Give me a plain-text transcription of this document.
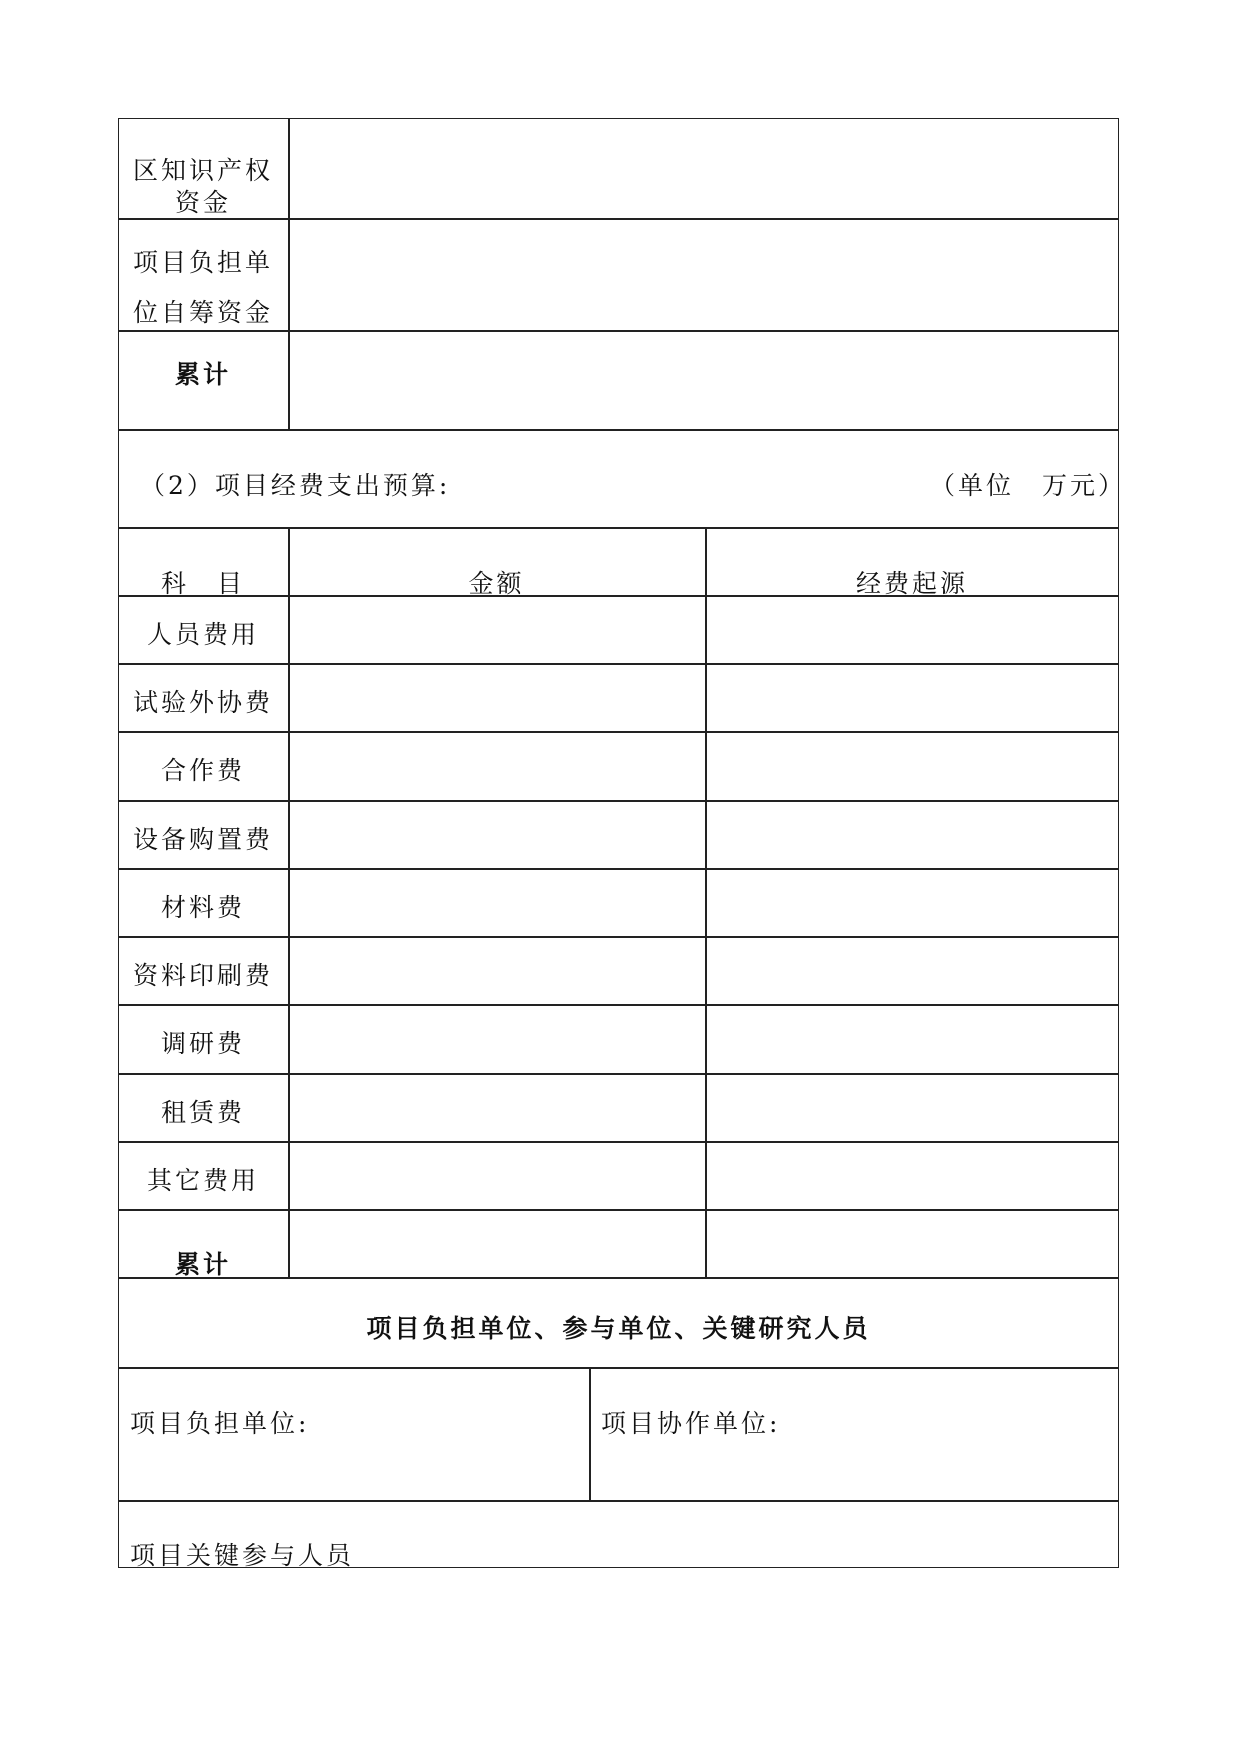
区知识产权
资金
项目负担单
位自筹资金
累计
（2）项目经费支出预算:	（单位　万元）
科　目	金额	经费起源
人员费用
试验外协费
合作费
设备购置费
材料费
资料印刷费
调研费
租赁费
其它费用
累计
项目负担单位、参与单位、关键研究人员
项目负担单位:	项目协作单位:
项目关键参与人员
